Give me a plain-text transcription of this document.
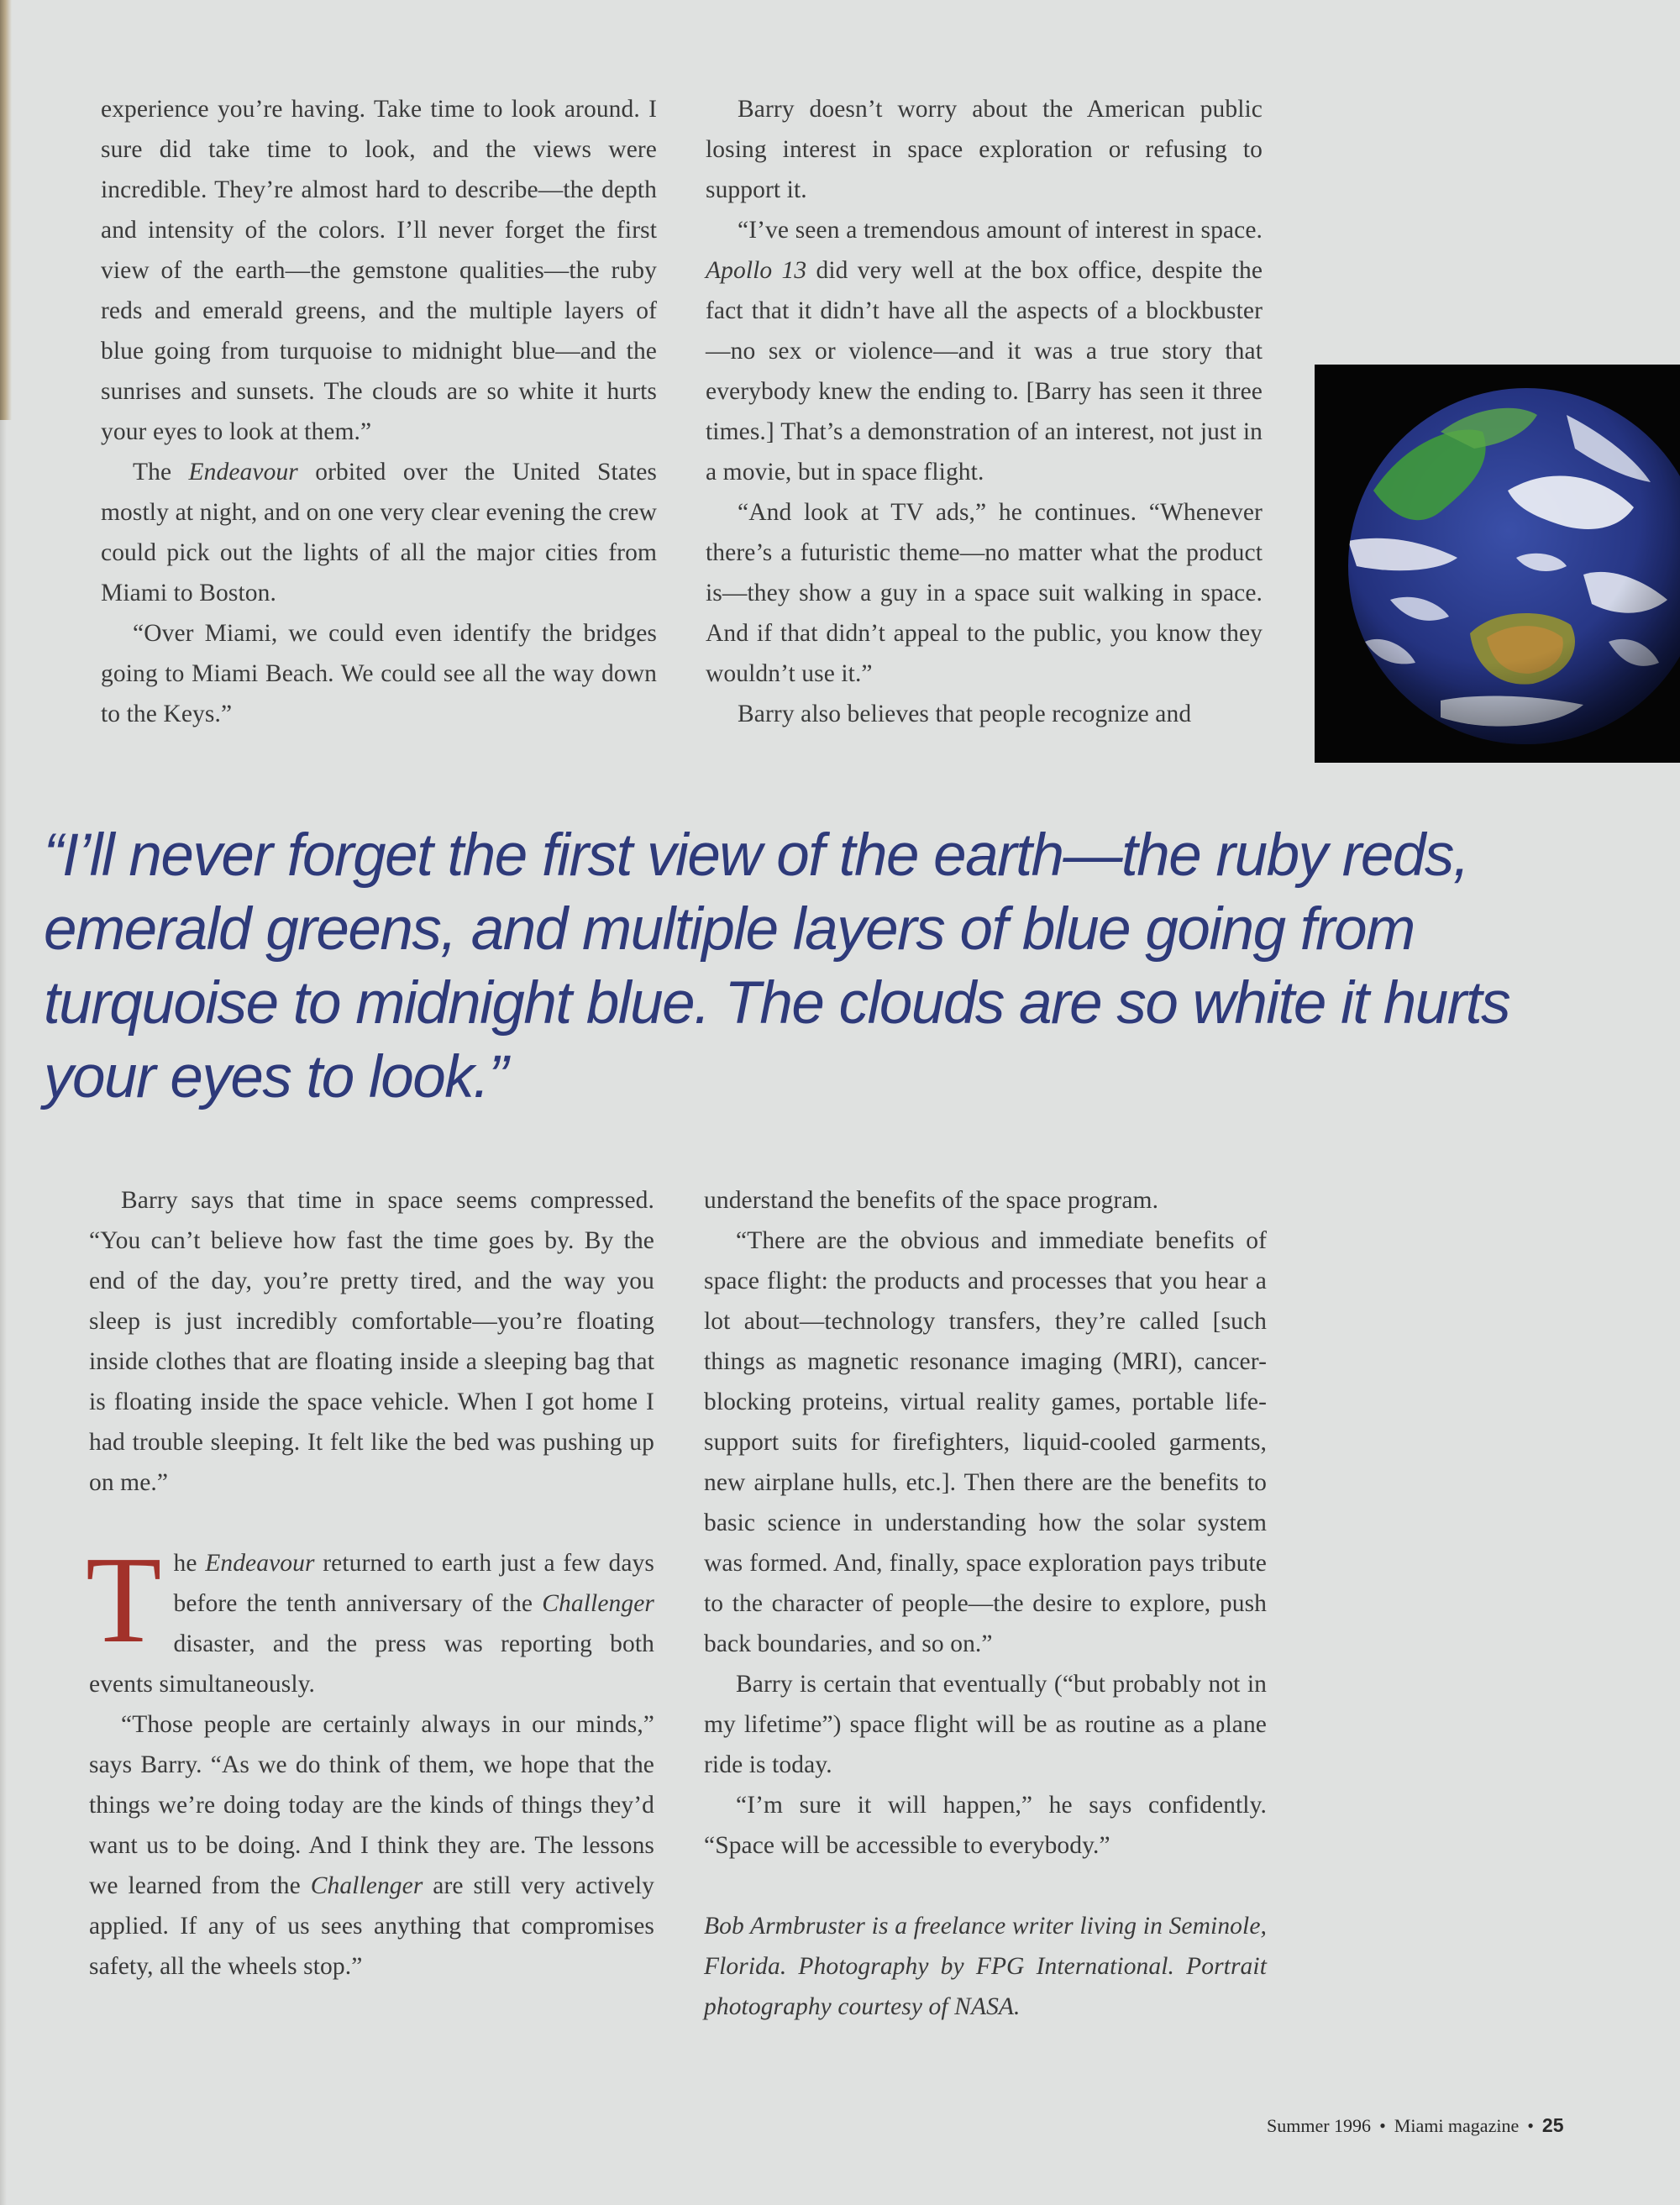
experience you’re having. Take time to look around. I sure did take time to look, and the views were incredible. They’re almost hard to describe—the depth and intensity of the colors. I’ll never forget the first view of the earth—the gemstone qualities—the ruby reds and emerald greens, and the multiple layers of blue going from turquoise to midnight blue—and the sunrises and sunsets. The clouds are so white it hurts your eyes to look at them.”

The Endeavour orbited over the United States mostly at night, and on one very clear evening the crew could pick out the lights of all the major cities from Miami to Boston.

“Over Miami, we could even identify the bridges going to Miami Beach. We could see all the way down to the Keys.”

Barry doesn’t worry about the American public losing interest in space exploration or refusing to support it.

“I’ve seen a tremendous amount of interest in space. Apollo 13 did very well at the box office, despite the fact that it didn’t have all the aspects of a blockbuster—no sex or violence—and it was a true story that everybody knew the ending to. [Barry has seen it three times.] That’s a demonstration of an interest, not just in a movie, but in space flight.

“And look at TV ads,” he continues. “Whenever there’s a futuristic theme—no matter what the product is—they show a guy in a space suit walking in space. And if that didn’t appeal to the public, you know they wouldn’t use it.”

Barry also believes that people recognize and

“I’ll never forget the first view of the earth—the ruby reds, emerald greens, and multiple layers of blue going from turquoise to midnight blue. The clouds are so white it hurts your eyes to look.”

Barry says that time in space seems compressed. “You can’t believe how fast the time goes by. By the end of the day, you’re pretty tired, and the way you sleep is just incredibly comfortable—you’re floating inside clothes that are floating inside a sleeping bag that is floating inside the space vehicle. When I got home I had trouble sleeping. It felt like the bed was pushing up on me.”

The Endeavour returned to earth just a few days before the tenth anniversary of the Challenger disaster, and the press was reporting both events simultaneously.

“Those people are certainly always in our minds,” says Barry. “As we do think of them, we hope that the things we’re doing today are the kinds of things they’d want us to be doing. And I think they are. The lessons we learned from the Challenger are still very actively applied. If any of us sees anything that compromises safety, all the wheels stop.”

understand the benefits of the space program.

“There are the obvious and immediate benefits of space flight: the products and processes that you hear a lot about—technology transfers, they’re called [such things as magnetic resonance imaging (MRI), cancer-blocking proteins, virtual reality games, portable life-support suits for firefighters, liquid-cooled garments, new airplane hulls, etc.]. Then there are the benefits to basic science in understanding how the solar system was formed. And, finally, space exploration pays tribute to the character of people—the desire to explore, push back boundaries, and so on.”

Barry is certain that eventually (“but probably not in my lifetime”) space flight will be as routine as a plane ride is today.

“I’m sure it will happen,” he says confidently. “Space will be accessible to everybody.”

Bob Armbruster is a freelance writer living in Seminole, Florida. Photography by FPG International. Portrait photography courtesy of NASA.

Summer 1996 • Miami magazine • 25
